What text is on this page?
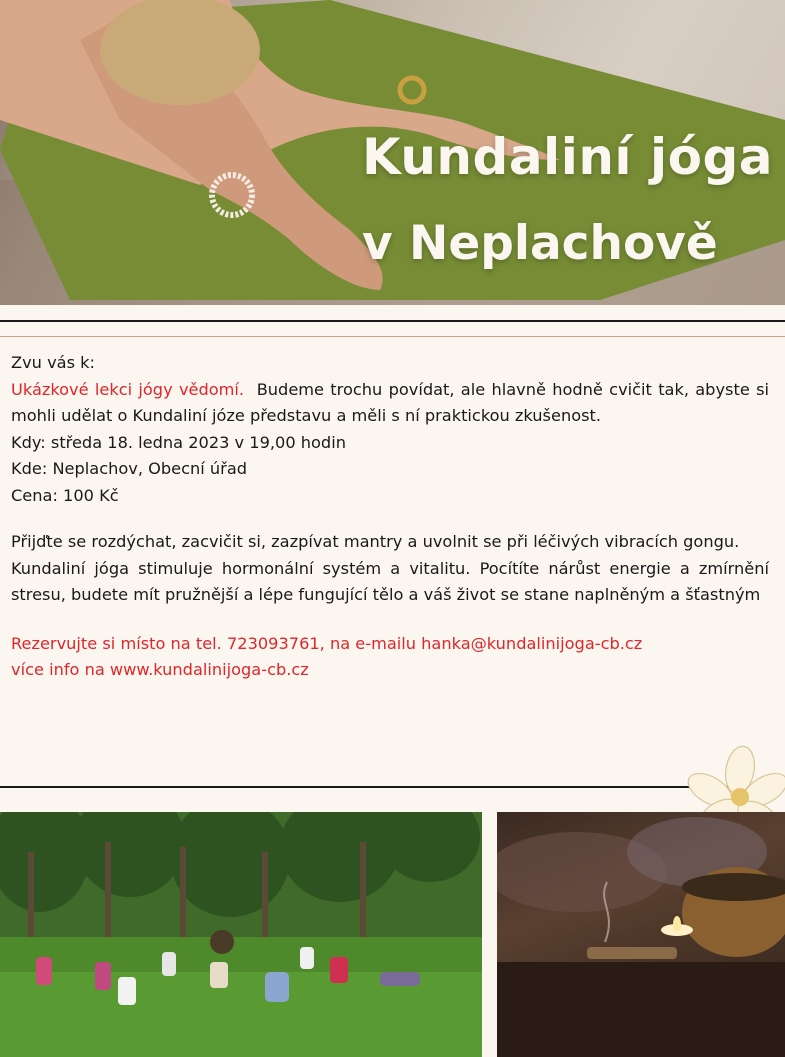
Kundaliní jóga
v Neplachově

Zvu vás k:

Ukázkové lekci jógy vědomí. Budeme trochu povídat, ale hlavně hodně cvičit tak, abyste si mohli udělat o Kundaliní józe představu a měli s ní praktickou zkušenost.

Kdy: středa 18. ledna 2023 v 19,00 hodin

Kde: Neplachov, Obecní úřad

Cena: 100 Kč

Přijďte se rozdýchat, zacvičit si, zazpívat mantry a uvolnit se při léčivých vibracích gongu.

Kundaliní jóga stimuluje hormonální systém a vitalitu. Pocítíte nárůst energie a zmírnění stresu, budete mít pružnější a lépe fungující tělo a váš život se stane naplněným a šťastným

Rezervujte si místo na tel. 723093761, na e-mailu hanka@kundalinijoga-cb.cz

více info na www.kundalinijoga-cb.cz
